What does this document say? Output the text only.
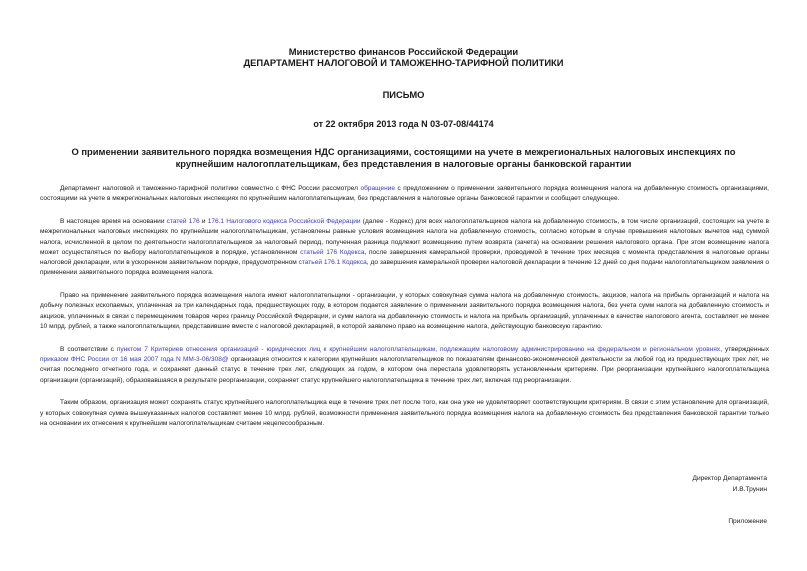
Министерство финансов Российской Федерации
ДЕПАРТАМЕНТ НАЛОГОВОЙ И ТАМОЖЕННО-ТАРИФНОЙ ПОЛИТИКИ
ПИСЬМО
от 22 октября 2013 года N 03-07-08/44174
О применении заявительного порядка возмещения НДС организациями, состоящими на учете в межрегиональных налоговых инспекциях по крупнейшим налогоплательщикам, без представления в налоговые органы банковской гарантии

Департамент налоговой и таможенно-тарифной политики совместно с ФНС России рассмотрел обращение с предложением о применении заявительного порядка возмещения налога на добавленную стоимость организациями, состоящими на учете в межрегиональных налоговых инспекциях по крупнейшим налогоплательщикам, без представления в налоговые органы банковской гарантии и сообщает следующее.

В настоящее время на основании статей 176 и 176.1 Налогового кодекса Российской Федерации (далее - Кодекс) для всех налогоплательщиков налога на добавленную стоимость, в том числе организаций, состоящих на учете в межрегиональных налоговых инспекциях по крупнейшим налогоплательщикам, установлены равные условия возмещения налога на добавленную стоимость, согласно которым в случае превышения налоговых вычетов над суммой налога, исчисленной в целом по деятельности налогоплательщиков за налоговый период, полученная разница подлежит возмещению путем возврата (зачета) на основании решения налогового органа. При этом возмещение налога может осуществляться по выбору налогоплательщиков в порядке, установленном статьей 176 Кодекса, после завершения камеральной проверки, проводимой в течение трех месяцев с момента представления в налоговые органы налоговой декларации, или в ускоренном заявительном порядке, предусмотренном статьей 176.1 Кодекса, до завершения камеральной проверки налоговой декларации в течение 12 дней со дня подачи налогоплательщиком заявления о применении заявительного порядка возмещения налога.

Право на применение заявительного порядка возмещения налога имеют налогоплательщики - организации, у которых совокупная сумма налога на добавленную стоимость, акцизов, налога на прибыль организаций и налога на добычу полезных ископаемых, уплаченная за три календарных года, предшествующих году, в котором подается заявление о применении заявительного порядка возмещения налога, без учета сумм налога на добавленную стоимость и акцизов, уплаченных в связи с перемещением товаров через границу Российской Федерации, и сумм налога на добавленную стоимость и налога на прибыль организаций, уплаченных в качестве налогового агента, составляет не менее 10 млрд. рублей, а также налогоплательщики, представившие вместе с налоговой декларацией, в которой заявлено право на возмещение налога, действующую банковскую гарантию.

В соответствии с пунктом 7 Критериев отнесения организаций - юридических лиц к крупнейшим налогоплательщикам, подлежащим налоговому администрированию на федеральном и региональном уровнях, утвержденных приказом ФНС России от 16 мая 2007 года N ММ-3-06/308@ организация относится к категории крупнейших налогоплательщиков по показателям финансово-экономической деятельности за любой год из предшествующих трех лет, не считая последнего отчетного года, и сохраняет данный статус в течение трех лет, следующих за годом, в котором она перестала удовлетворять установленным критериям. При реорганизации крупнейшего налогоплательщика организации (организаций), образовавшаяся в результате реорганизации, сохраняет статус крупнейшего налогоплательщика в течение трех лет, включая год реорганизации.

Таким образом, организация может сохранять статус крупнейшего налогоплательщика еще в течение трех лет после того, как она уже не удовлетворяет соответствующим критериям. В связи с этим установление для организаций, у которых совокупная сумма вышеуказанных налогов составляет менее 10 млрд. рублей, возможности применения заявительного порядка возмещения налога на добавленную стоимость без представления банковской гарантии только на основании их отнесения к крупнейшим налогоплательщикам считаем нецелесообразным.

Директор Департамента
И.В.Трунин
Приложение
